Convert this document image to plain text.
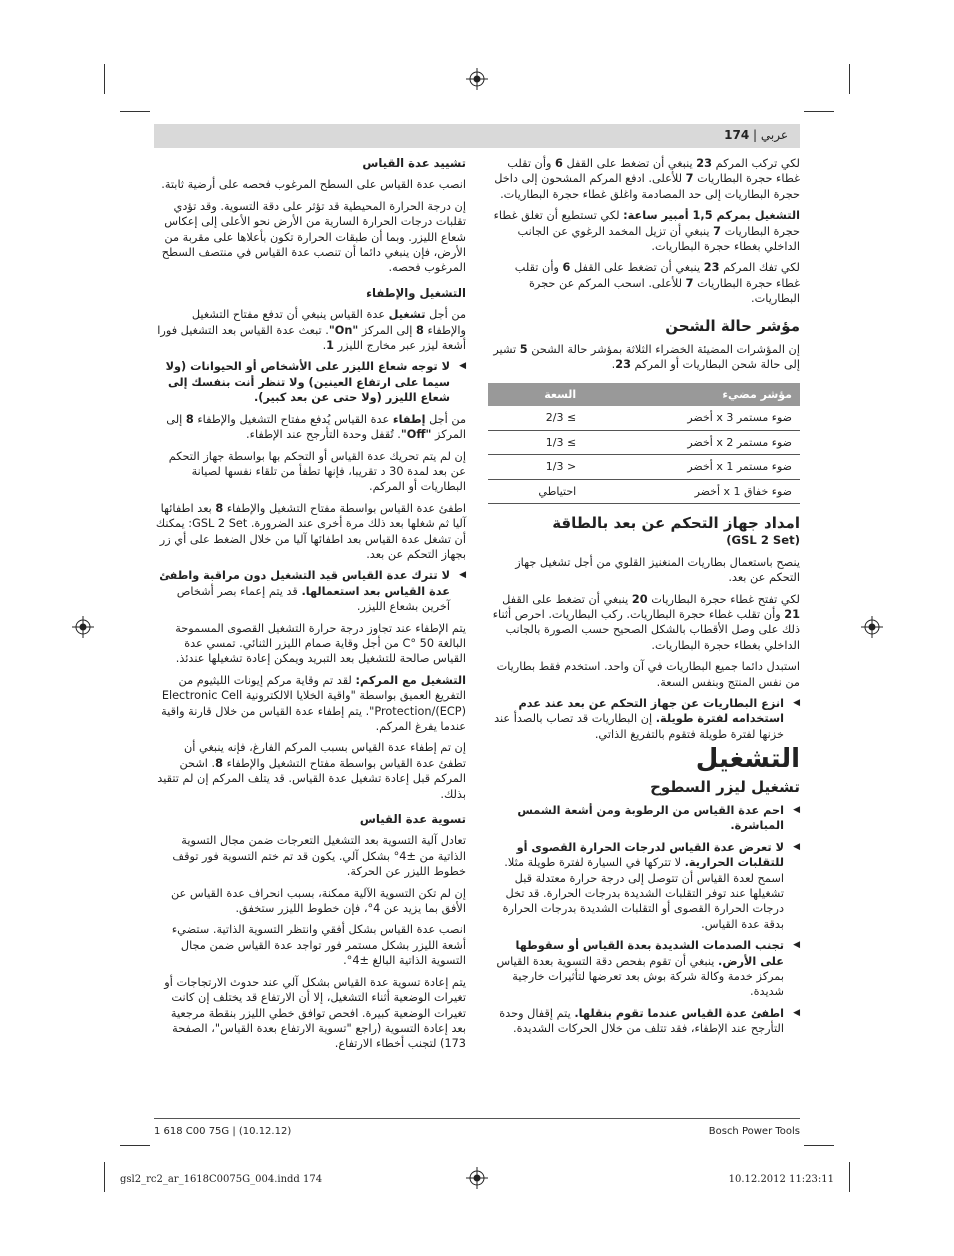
عربي | 174

لكي تركب المركم 23 ينبغي أن تضغط على القفل 6 وأن تقلب غطاء حجرة البطاريات 7 للأعلى. ادفع المركم المشحون إلى داخل حجرة البطاريات إلى حد المصادمة واغلق غطاء حجرة البطاريات.

التشغيل بمركم 1,5 أمبير ساعة: لكي تستطيع أن تغلق غطاء حجرة البطاريات 7 ينبغي أن تزيل المخمد الرغوي عن الجانب الداخلي بغطاء حجرة البطاريات.

لكي تفك المركم 23 ينبغي أن تضغط على القفل 6 وأن تقلب غطاء حجرة البطاريات 7 للأعلى. اسحب المركم عن حجرة البطاريات.

مؤشر حالة الشحن

إن المؤشرات المضيئة الخضراء الثلاثة بمؤشر حالة الشحن 5 تشير إلى حالة شحن البطاريات أو المركم 23.

مؤشر مضيء	السعة
ضوء مستمر 3 x أخضر	≥ 2/3
ضوء مستمر 2 x أخضر	≥ 1/3
ضوء مستمر 1 x أخضر	< 1/3
ضوء خفاق 1 x أخضر	احتياطي
امداد جهاز التحكم عن بعد بالطاقة
(GSL 2 Set)

ينصح باستعمال بطاريات المنغنيز القلوي من أجل تشغيل جهاز التحكم عن بعد.

لكي تفتح غطاء حجرة البطاريات 20 ينبغي أن تضغط على القفل 21 وأن تقلب غطاء حجرة البطاريات. ركب البطاريات. احرص أثناء ذلك على وصل الأقطاب بالشكل الصحيح حسب الصورة بالجانب الداخلي بغطاء حجرة البطاريات.

استبدل دائما جميع البطاريات في آن واحد. استخدم فقط بطاريات من نفس المنتج وبنفس السعة.

◀
انزع البطاريات عن جهاز التحكم عن بعد عند عدم استخدامه لفترة طويلة. إن البطاريات قد تصاب بالصدأ عند خزنها لفترة طويلة فتقوم بالتفريغ الذاتي.
التشغيل
تشغيل ليزر السطوح
◀
احم عدة القياس من الرطوبة ومن أشعة الشمس المباشرة.
◀
لا تعرض عدة القياس لدرجات الحرارة القصوى أو للتقلبات الحرارية. لا تتركها في السيارة لفترة طويلة مثلا. اسمح لعدة القياس أن تتوصل إلى درجة حرارة معتدلة قبل تشغيلها عند توفر التقلبات الشديدة بدرجات الحرارة. قد تخل درجات الحرارة القصوى أو التقلبات الشديدة بدرجات الحرارة بدقة عدة القياس.
◀
تجنب الصدمات الشديدة بعدة القياس أو سقوطها على الأرض. ينبغي أن تقوم بفحص دقة التسوية بعدة القياس بمركز خدمة وكالة شركة بوش بعد تعرضها لتأثيرات خارجية شديدة.
◀
اطفئ عدة القياس عندما تقوم بنقلها. يتم إقفال وحدة التأرجح عند الإطفاء، فقد تتلف من خلال الحركات الشديدة.
تشييد عدة القياس

انصب عدة القياس على السطح المرغوب فحصه على أرضية ثابتة.

إن درجة الحرارة المحيطية قد تؤثر على دقة التسوية. وقد تؤدي تقلبات درجات الحرارة السارية من الأرض نحو الأعلى إلى إعكاس شعاع الليزر. وبما أن طبقات الحرارة تكون بأعلاها على مقربة من الأرض، فإن ينبغي دائما أن تنصب عدة القياس في منتصف السطح المرغوب فحصه.

التشغيل والإطفاء

من أجل تشغيل عدة القياس ينبغي أن تدفع مفتاح التشغيل والإطفاء 8 إلى المركز "On". تبعث عدة القياس بعد التشغيل فورا أشعة ليزر عبر مخارج الليزر 1.

◀
لا توجه شعاع الليزر على الأشخاص أو الحيوانات (ولا سيما على ارتفاع العينين) ولا تنظر أنت بنفسك إلى شعاع الليزر (ولا حتى عن بعد كبير).

من أجل إطفاء عدة القياس يُدفع مفتاح التشغيل والإطفاء 8 إلى المركز "Off". تُقفل وحدة التأرجح عند الإطفاء.

إن لم يتم تحريك عدة القياس أو التحكم بها بواسطة جهاز التحكم عن بعد لمدة 30 د تقريبا، فإنها تطفأ من تلقاء نفسها لصيانة البطاريات أو المركم.

اطفئ عدة القياس بواسطة مفتاح التشغيل والإطفاء 8 بعد اطفائها آليا ثم شغلها بعد ذلك مرة أخرى عند الضرورة. GSL 2 Set: يمكنك أن تشغل عدة القياس بعد اطفائها آليا من خلال الضغط على أي زر بجهاز التحكم عن بعد.

◀
لا تترك عدة القياس قيد التشغيل دون مراقبة واطفئ عدة القياس بعد استعمالها. قد يتم إعماء بصر أشخاص آخرين بشعاع الليزر.

يتم الإطفاء عند تجاوز درجة حرارة التشغيل القصوى المسموحة البالغة 50 °C من أجل وقاية صمام الليزر الثنائي. تمسي عدة القياس صالحة للتشغيل بعد التبريد ويمكن إعادة تشغيلها عندئذ.

التشغيل مع المركم: لقد تم وقاية مركم إيونات الليثيوم من التفريغ العميق بواسطة "واقية الخلايا الالكترونية Electronic Cell Protection/(ECP)". يتم إطفاء عدة القياس من خلال قارنة واقية عندما يفرغ المركم.

إن تم إطفاء عدة القياس بسبب المركم الفارغ، فإنه ينبغي أن تطفئ عدة القياس بواسطة مفتاح التشغيل والإطفاء 8. اشحن المركم قبل إعادة تشغيل عدة القياس. قد يتلف المركم إن لم تتقيد بذلك.

تسوية عدة القياس

تعادل آلية التسوية بعد التشغيل التعرجات ضمن مجال التسوية الذاتية من ±4° بشكل آلي. يكون قد تم ختم التسوية فور توقف خطوط الليزر عن الحركة.

إن لم تكن التسوية الآلية ممكنة، بسبب انحراف عدة القياس عن الأفق بما يزيد عن 4°، فإن خطوط الليزر ستخفق.

انصب عدة القياس بشكل أفقي وانتظر التسوية الذاتية. ستضيء أشعة الليزر بشكل مستمر فور تواجد عدة القياس ضمن مجال التسوية الذاتية البالغ ±4°.

يتم إعادة تسوية عدة القياس بشكل آلي عند حدوث الارتجاجات أو تغيرات الوضعية أثناء التشغيل، إلا أن الارتفاع قد يختلف إن كانت تغيرات الوضعية كبيرة. افحص توافق خطي الليزر بنقطة مرجعية بعد إعادة التسوية (راجع "تسوية الارتفاع بعدة القياس"، الصفحة 173) لتجنب أخطاء الارتفاع.

1 618 C00 75G | (10.12.12)	Bosch Power Tools
gsl2_rc2_ar_1618C0075G_004.indd 174	10.12.2012 11:23:11
